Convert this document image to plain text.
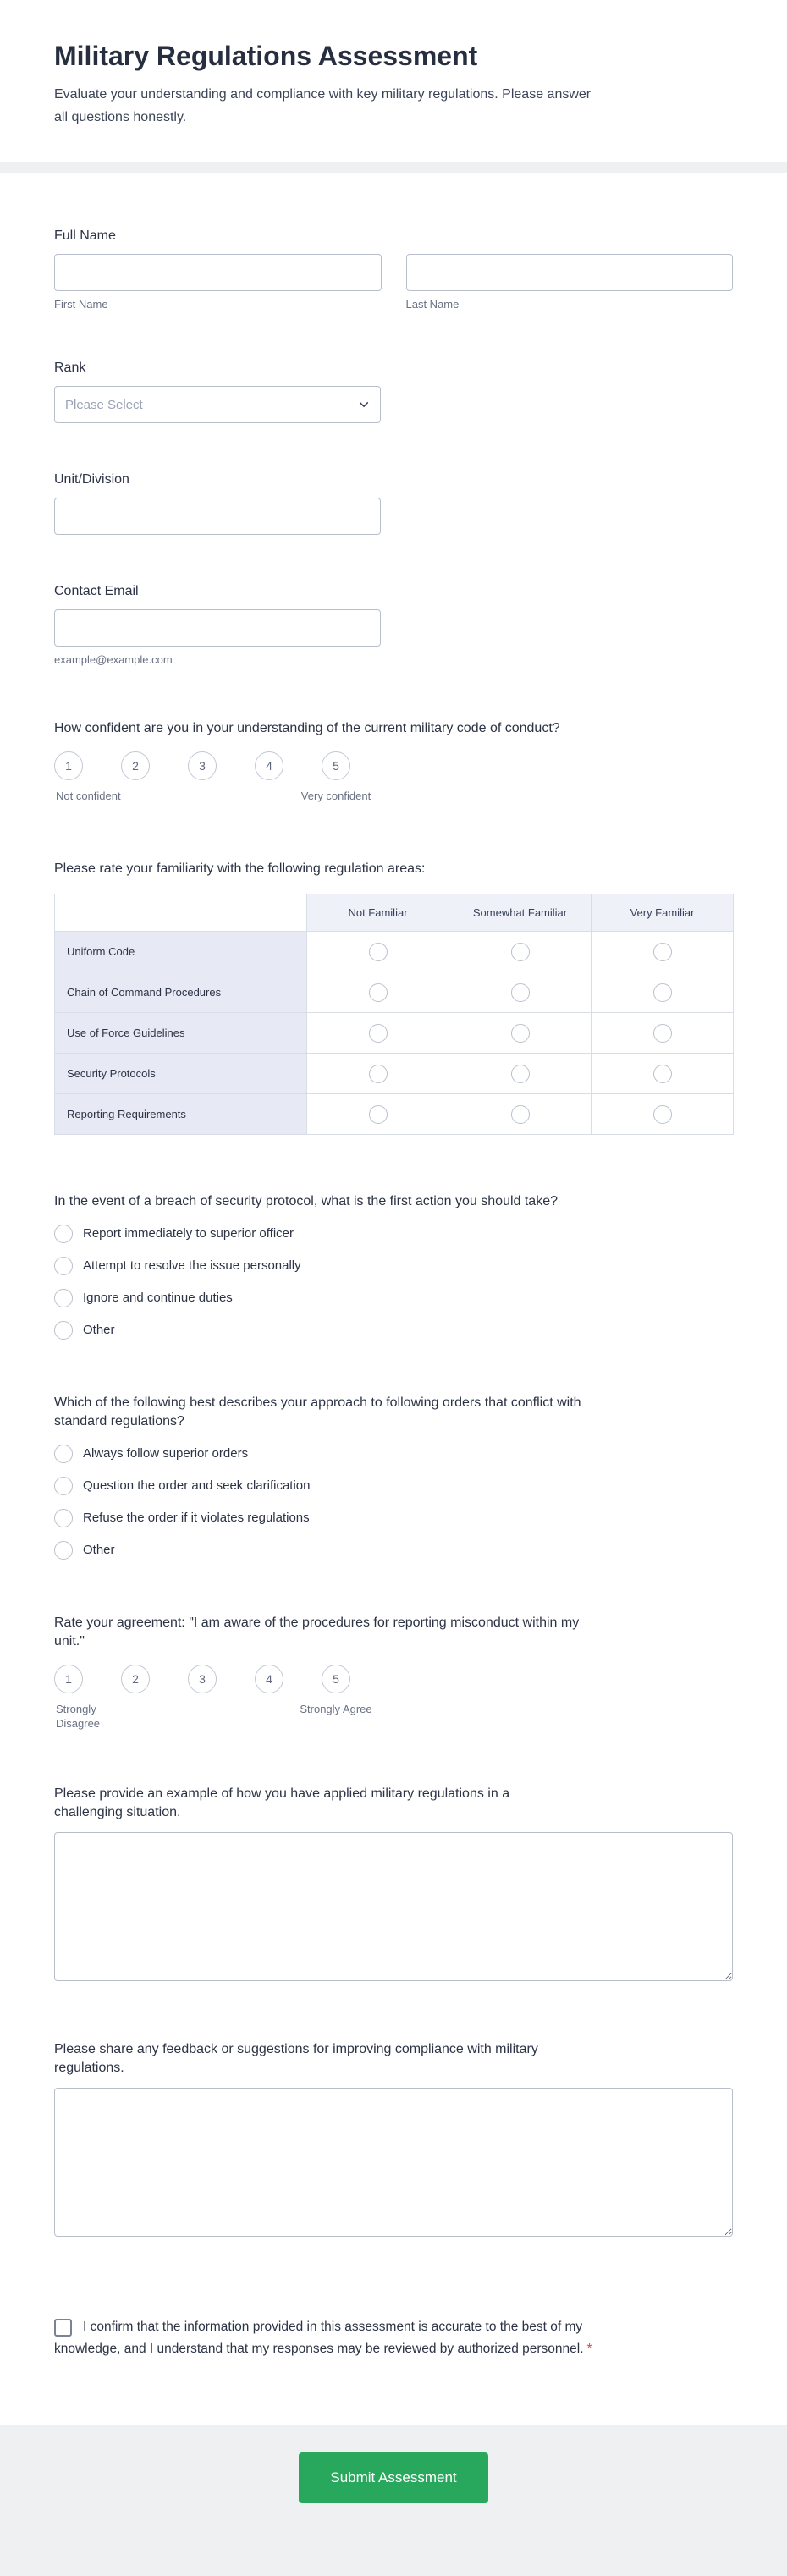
Military Regulations Assessment

Evaluate your understanding and compliance with key military regulations. Please answer all questions honestly.

Full Name
First Name	Last Name
Rank
Please Select
Unit/Division
Contact Email
example@example.com
How confident are you in your understanding of the current military code of conduct?
1	2	3	4	5
Not confident	Very confident
Please rate your familiarity with the following regulation areas:
	Not Familiar	Somewhat Familiar	Very Familiar
Uniform Code			
Chain of Command Procedures			
Use of Force Guidelines			
Security Protocols			
Reporting Requirements			
In the event of a breach of security protocol, what is the first action you should take?
Report immediately to superior officer
Attempt to resolve the issue personally
Ignore and continue duties
Other
Which of the following best describes your approach to following orders that conflict with standard regulations?
Always follow superior orders
Question the order and seek clarification
Refuse the order if it violates regulations
Other
Rate your agreement: "I am aware of the procedures for reporting misconduct within my unit."
1	2	3	4	5
Strongly Disagree
Strongly Agree
Please provide an example of how you have applied military regulations in a challenging situation.
Please share any feedback or suggestions for improving compliance with military regulations.
I confirm that the information provided in this assessment is accurate to the best of my knowledge, and I understand that my responses may be reviewed by authorized personnel. *
Submit Assessment
